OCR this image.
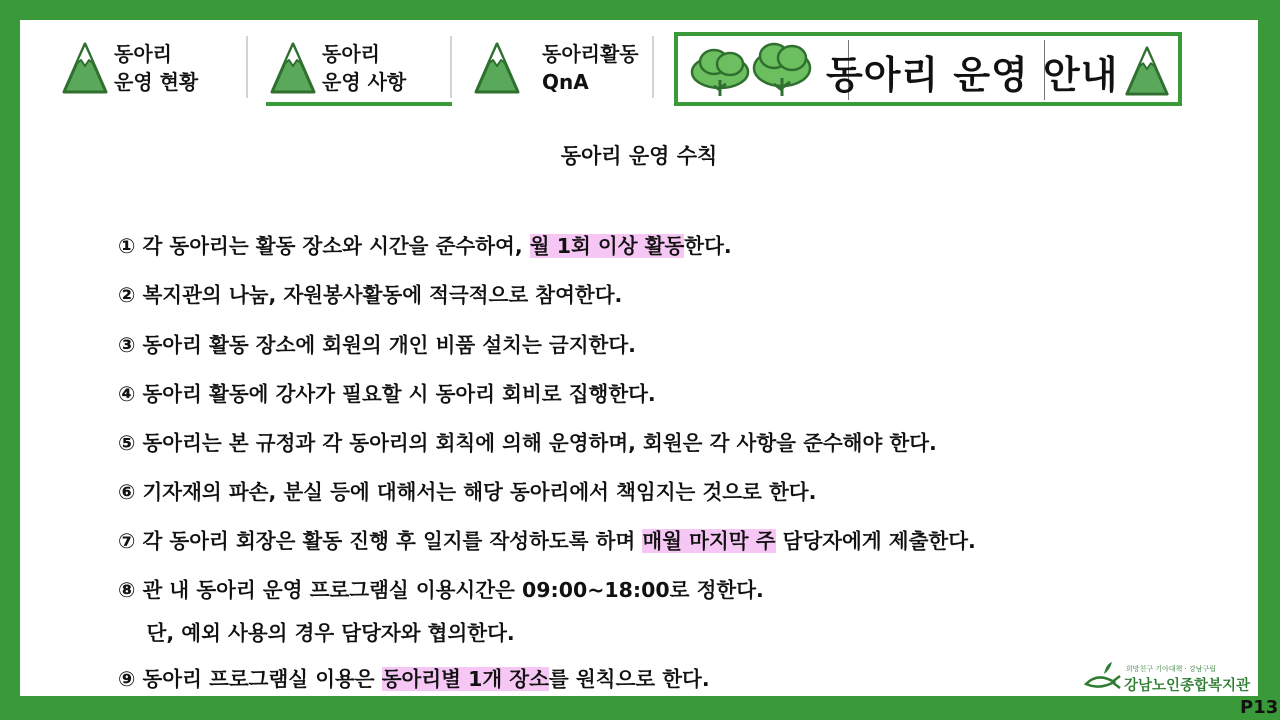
동아리
운영 현황
동아리
운영 사항
동아리활동
QnA	동아리 운영 안내
동아리 운영 수칙
① 각 동아리는 활동 장소와 시간을 준수하여, 월 1회 이상 활동한다.
② 복지관의 나눔, 자원봉사활동에 적극적으로 참여한다.
③ 동아리 활동 장소에 회원의 개인 비품 설치는 금지한다.
④ 동아리 활동에 강사가 필요할 시 동아리 회비로 집행한다.
⑤ 동아리는 본 규정과 각 동아리의 회칙에 의해 운영하며, 회원은 각 사항을 준수해야 한다.
⑥ 기자재의 파손, 분실 등에 대해서는 해당 동아리에서 책임지는 것으로 한다.
⑦ 각 동아리 회장은 활동 진행 후 일지를 작성하도록 하며 매월 마지막 주 담당자에게 제출한다.
⑧ 관 내 동아리 운영 프로그램실 이용시간은 09:00~18:00로 정한다.
단, 예외 사용의 경우 담당자와 협의한다.
⑨ 동아리 프로그램실 이용은 동아리별 1개 장소를 원칙으로 한다.	희망친구 기아대책 · 강남구립
강남노인종합복지관
P13
